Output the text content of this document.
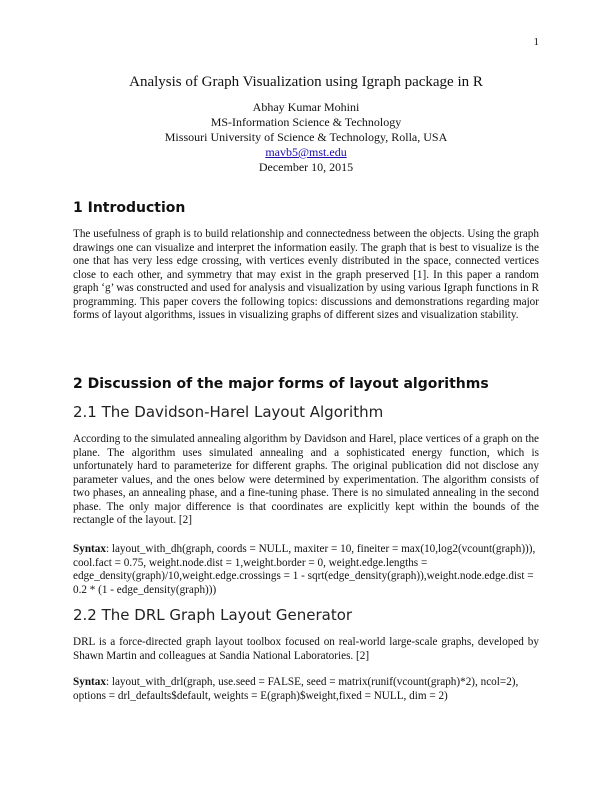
1
Analysis of Graph Visualization using Igraph package in R
Abhay Kumar Mohini
MS-Information Science & Technology
Missouri University of Science & Technology, Rolla, USA
mavb5@mst.edu
December 10, 2015
1 Introduction
The usefulness of graph is to build relationship and connectedness between the objects. Using the graph drawings one can visualize and interpret the information easily. The graph that is best to visualize is the one that has very less edge crossing, with vertices evenly distributed in the space, connected vertices close to each other, and symmetry that may exist in the graph preserved [1]. In this paper a random graph ‘g’ was constructed and used for analysis and visualization by using various Igraph functions in R programming. This paper covers the following topics: discussions and demonstrations regarding major forms of layout algorithms, issues in visualizing graphs of different sizes and visualization stability.
2 Discussion of the major forms of layout algorithms
2.1 The Davidson-Harel Layout Algorithm
According to the simulated annealing algorithm by Davidson and Harel, place vertices of a graph on the plane. The algorithm uses simulated annealing and a sophisticated energy function, which is unfortunately hard to parameterize for different graphs. The original publication did not disclose any parameter values, and the ones below were determined by experimentation. The algorithm consists of two phases, an annealing phase, and a fine-tuning phase. There is no simulated annealing in the second phase. The only major difference is that coordinates are explicitly kept within the bounds of the rectangle of the layout. [2]
Syntax: layout_with_dh(graph, coords = NULL, maxiter = 10, fineiter = max(10,log2(vcount(graph))), cool.fact = 0.75, weight.node.dist = 1,weight.border = 0, weight.edge.lengths = edge_density(graph)/10,weight.edge.crossings = 1 - sqrt(edge_density(graph)),weight.node.edge.dist = 0.2 * (1 - edge_density(graph)))
2.2 The DRL Graph Layout Generator
DRL is a force-directed graph layout toolbox focused on real-world large-scale graphs, developed by Shawn Martin and colleagues at Sandia National Laboratories. [2]
Syntax: layout_with_drl(graph, use.seed = FALSE, seed = matrix(runif(vcount(graph)*2), ncol=2), options = drl_defaults$default, weights = E(graph)$weight,fixed = NULL, dim = 2)
